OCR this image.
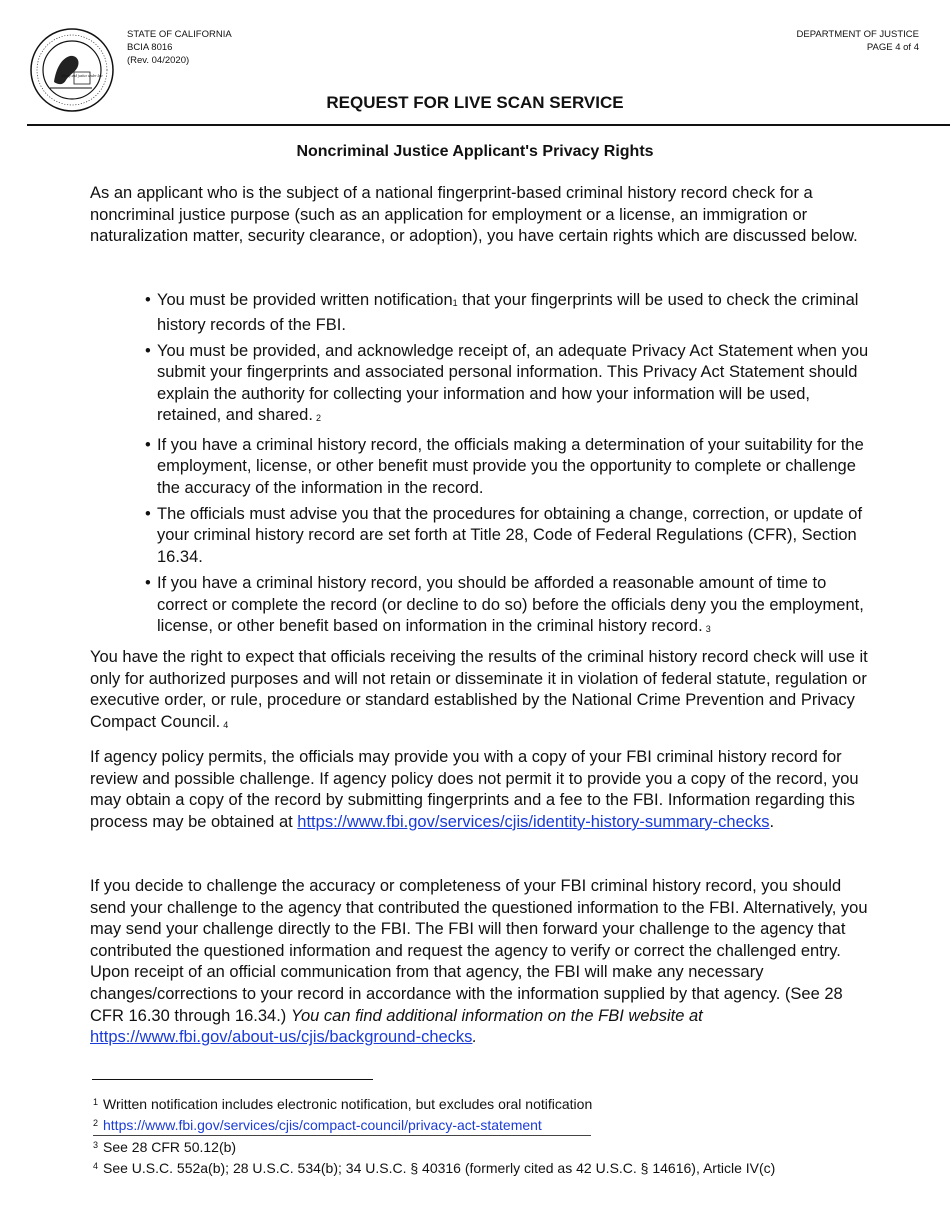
liberty and justice under law
STATE OF CALIFORNIA
BCIA 8016
(Rev. 04/2020)
DEPARTMENT OF JUSTICE
PAGE 4 of 4
REQUEST FOR LIVE SCAN SERVICE
Noncriminal Justice Applicant's Privacy Rights

As an applicant who is the subject of a national fingerprint-based criminal history record check for a noncriminal justice purpose (such as an application for employment or a license, an immigration or naturalization matter, security clearance, or adoption), you have certain rights which are discussed below.

• You must be provided written notification$^1$ that your fingerprints will be used to check the criminal history records of the FBI.
• You must be provided, and acknowledge receipt of, an adequate Privacy Act Statement when you submit your fingerprints and associated personal information. This Privacy Act Statement should explain the authority for collecting your information and how your information will be used, retained, and shared. $^2$
• If you have a criminal history record, the officials making a determination of your suitability for the employment, license, or other benefit must provide you the opportunity to complete or challenge the accuracy of the information in the record.
• The officials must advise you that the procedures for obtaining a change, correction, or update of your criminal history record are set forth at Title 28, Code of Federal Regulations (CFR), Section 16.34.
• If you have a criminal history record, you should be afforded a reasonable amount of time to correct or complete the record (or decline to do so) before the officials deny you the employment, license, or other benefit based on information in the criminal history record. $^3$

You have the right to expect that officials receiving the results of the criminal history record check will use it only for authorized purposes and will not retain or disseminate it in violation of federal statute, regulation or executive order, or rule, procedure or standard established by the National Crime Prevention and Privacy Compact Council. $^4$

If agency policy permits, the officials may provide you with a copy of your FBI criminal history record for review and possible challenge. If agency policy does not permit it to provide you a copy of the record, you may obtain a copy of the record by submitting fingerprints and a fee to the FBI. Information regarding this process may be obtained at https://www.fbi.gov/services/cjis/identity-history-summary-checks.

If you decide to challenge the accuracy or completeness of your FBI criminal history record, you should send your challenge to the agency that contributed the questioned information to the FBI. Alternatively, you may send your challenge directly to the FBI. The FBI will then forward your challenge to the agency that contributed the questioned information and request the agency to verify or correct the challenged entry. Upon receipt of an official communication from that agency, the FBI will make any necessary changes/corrections to your record in accordance with the information supplied by that agency. (See 28 CFR 16.30 through 16.34.) You can find additional information on the FBI website at https://www.fbi.gov/about-us/cjis/background-checks.

1 Written notification includes electronic notification, but excludes oral notification
2 https://www.fbi.gov/services/cjis/compact-council/privacy-act-statement
3 See 28 CFR 50.12(b)
4 See U.S.C. 552a(b); 28 U.S.C. 534(b); 34 U.S.C. § 40316 (formerly cited as 42 U.S.C. § 14616), Article IV(c)
